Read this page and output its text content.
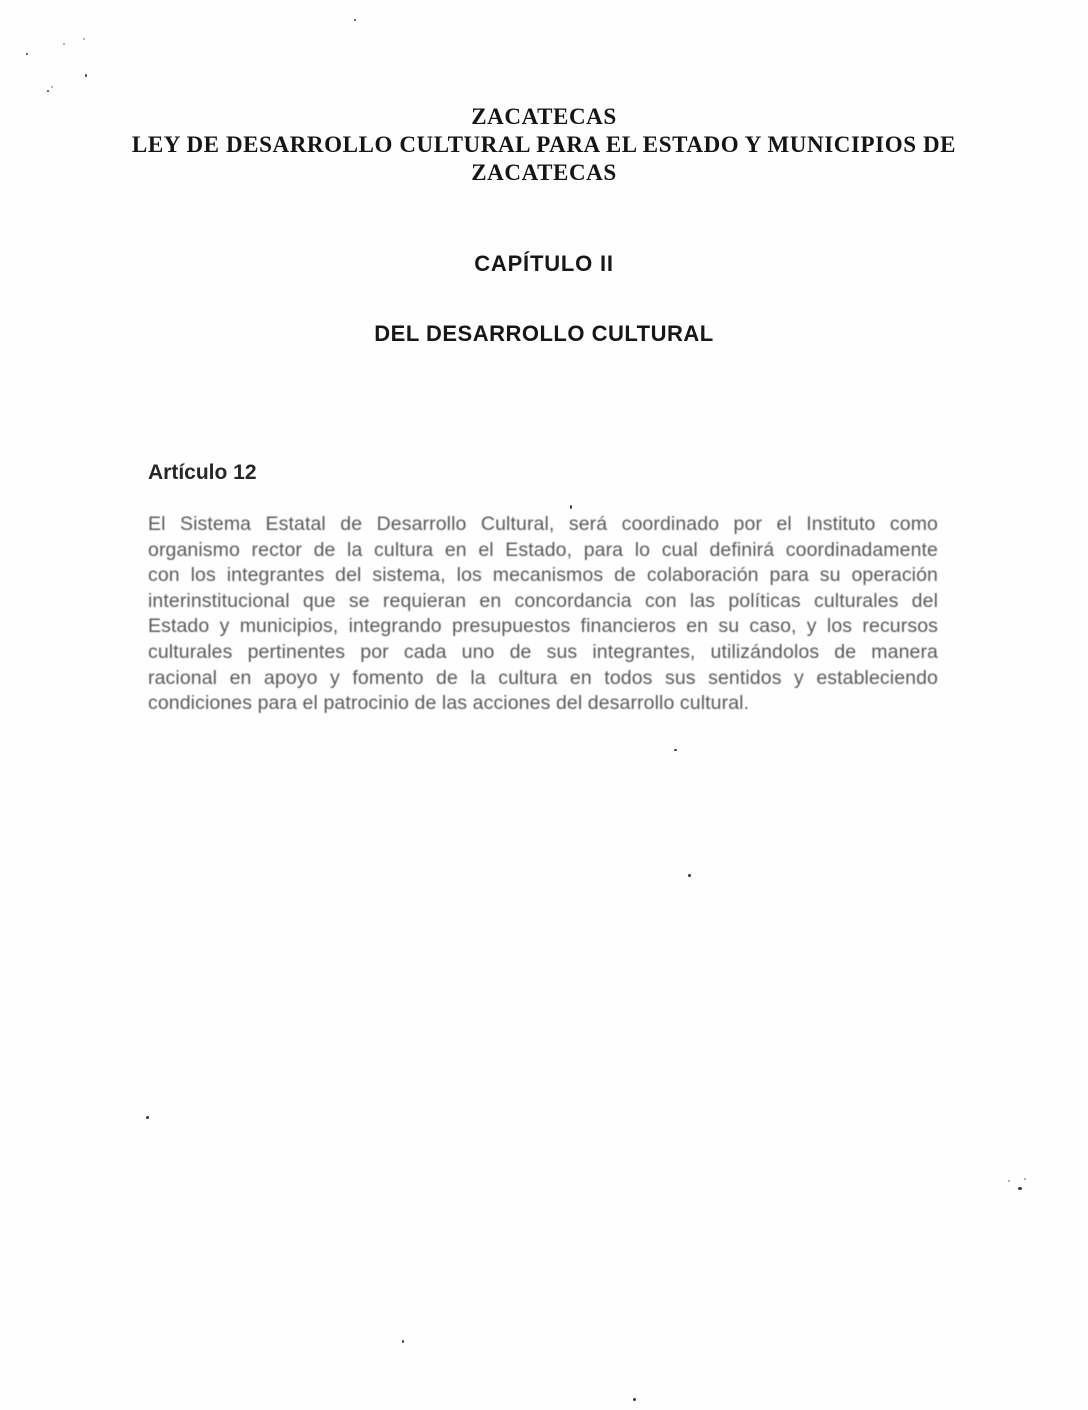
ZACATECAS
LEY DE DESARROLLO CULTURAL PARA EL ESTADO Y MUNICIPIOS DE
ZACATECAS
CAPÍTULO II
DEL DESARROLLO CULTURAL
Artículo 12
El Sistema Estatal de Desarrollo Cultural, será coordinado por el Instituto como
organismo rector de la cultura en el Estado, para lo cual definirá coordinadamente
con los integrantes del sistema, los mecanismos de colaboración para su operación
interinstitucional que se requieran en concordancia con las políticas culturales del
Estado y municipios, integrando presupuestos financieros en su caso, y los recursos
culturales pertinentes por cada uno de sus integrantes, utilizándolos de manera
racional en apoyo y fomento de la cultura en todos sus sentidos y estableciendo
condiciones para el patrocinio de las acciones del desarrollo cultural.
